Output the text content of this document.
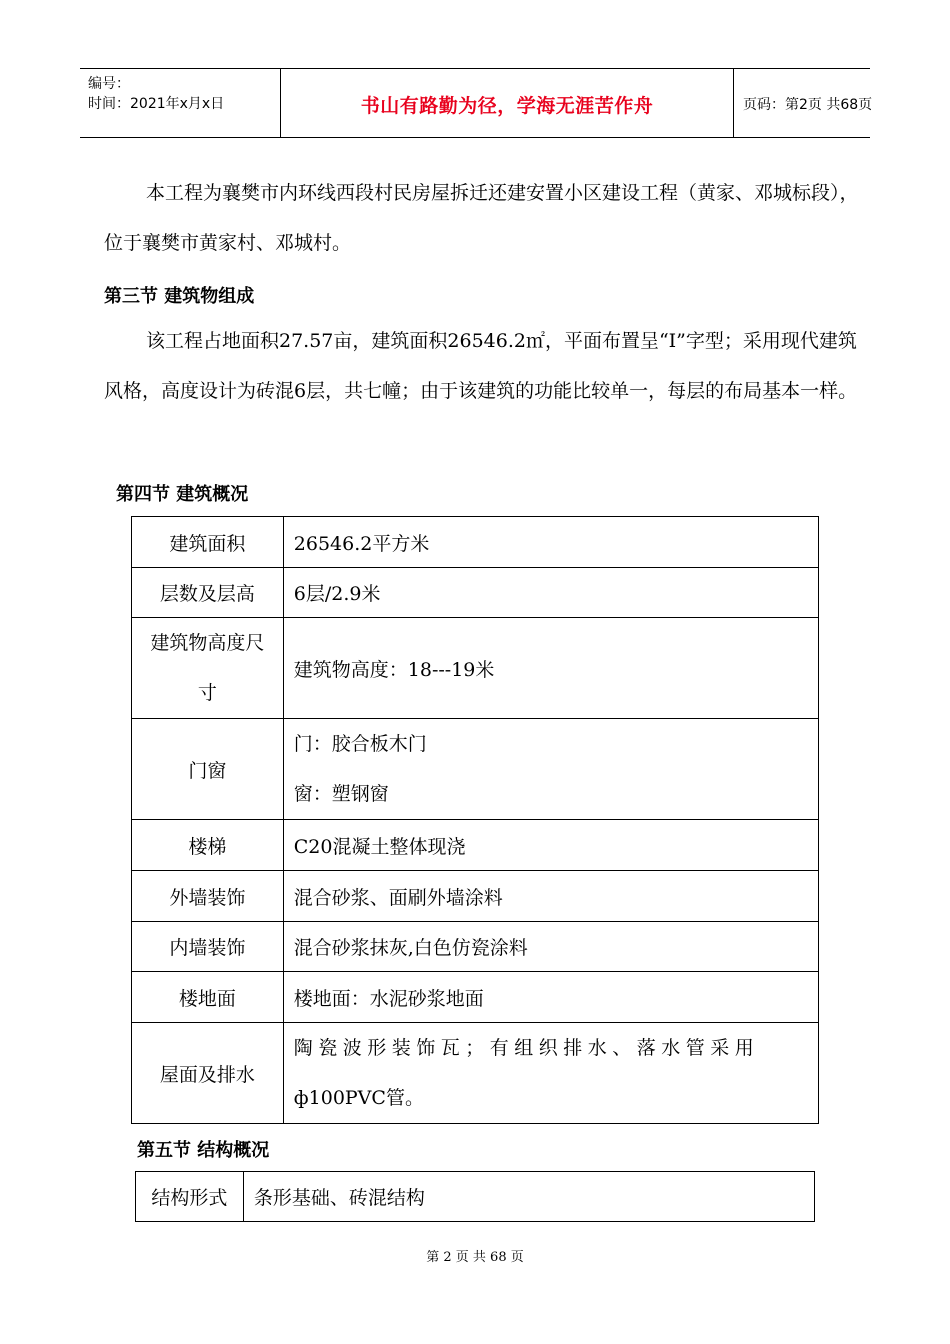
编号：
时间：2021年x月x日	书山有路勤为径，学海无涯苦作舟	页码：第2页 共68页
本工程为襄樊市内环线西段村民房屋拆迁还建安置小区建设工程（黄家、邓城标段），位于襄樊市黄家村、邓城村。
第三节 建筑物组成
该工程占地面积27.57亩，建筑面积26546.2㎡，平面布置呈“I”字型；采用现代建筑风格，高度设计为砖混6层，共七幢；由于该建筑的功能比较单一，每层的布局基本一样。
第四节 建筑概况
建筑面积	26546.2平方米
层数及层高	6层/2.9米

建筑物高度尺
寸	建筑物高度：18---19米
门窗	门：胶合板木门
窗：塑钢窗

楼梯	C20混凝土整体现浇
外墙装饰	混合砂浆、面刷外墙涂料
内墙装饰	混合砂浆抹灰,白色仿瓷涂料
楼地面	楼地面：水泥砂浆地面
屋面及排水	陶瓷波形装饰瓦；有组织排水、落水管采用
ф100PVC管。
第五节 结构概况
结构形式	条形基础、砖混结构
第 2 页 共 68 页
